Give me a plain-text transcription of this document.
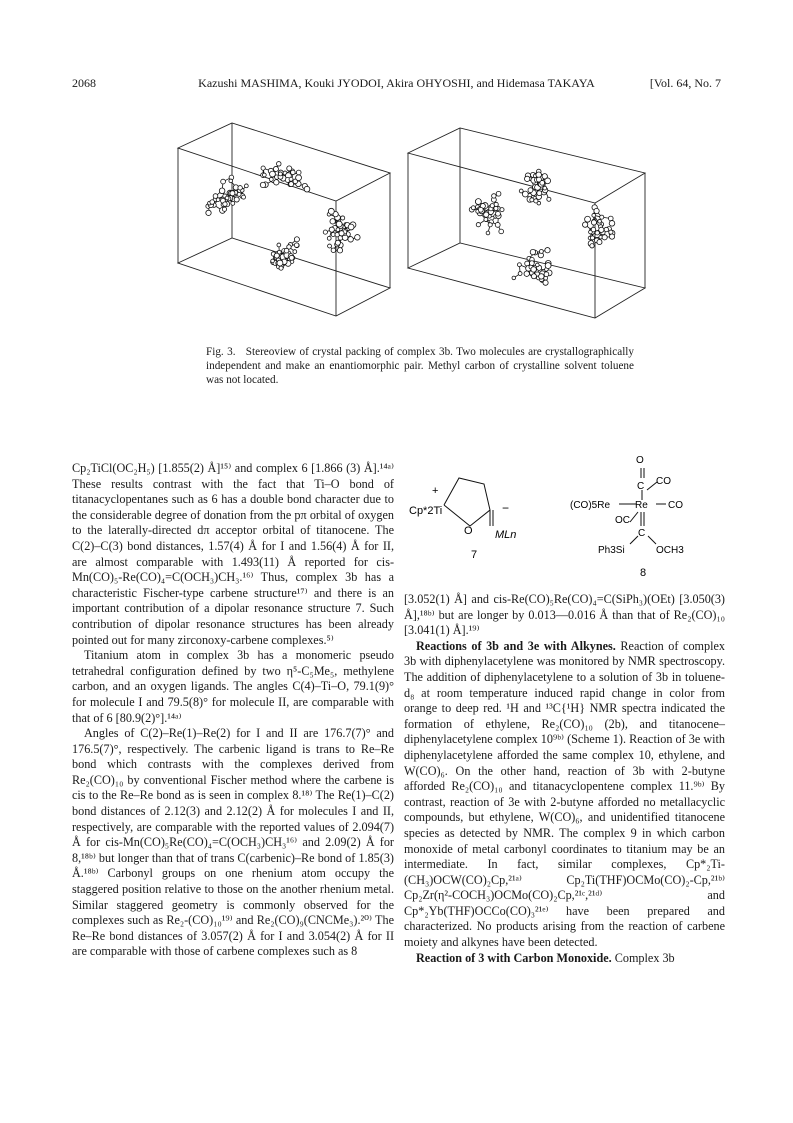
2068	Kazushi MASHIMA, Kouki JYODOI, Akira OHYOSHI, and Hidemasa TAKAYA	[Vol. 64, No. 7
Fig. 3. Stereoview of crystal packing of complex 3b. Two molecules are crystallographically independent and make an enantiomorphic pair. Methyl carbon of crystalline solvent toluene was not located.

Cp₂TiCl(OC₂H₅) [1.855(2) Å]¹⁵⁾ and complex 6 [1.866 (3) Å].¹⁴ᵃ⁾ These results contrast with the fact that Ti–O bond of titanacyclopentanes such as 6 has a double bond character due to the considerable degree of donation from the pπ orbital of oxygen to the laterally-directed dπ acceptor orbital of titanocene. The C(2)–C(3) bond distances, 1.57(4) Å for I and 1.56(4) Å for II, are almost comparable with 1.493(11) Å reported for cis-Mn(CO)₅-Re(CO)₄=C(OCH₃)CH₃.¹⁶⁾ Thus, complex 3b has a characteristic Fischer-type carbene structure¹⁷⁾ and there is an important contribution of a dipolar resonance structure 7. Such contribution of dipolar resonance structures has been already pointed out for many zirconoxy-carbene complexes.⁵⁾

Titanium atom in complex 3b has a monomeric pseudo tetrahedral configuration defined by two η⁵-C₅Me₅, methylene carbon, and an oxygen ligands. The angles C(4)–Ti–O, 79.1(9)° for molecule I and 79.5(8)° for molecule II, are comparable with that of 6 [80.9(2)°].¹⁴ᵃ⁾

Angles of C(2)–Re(1)–Re(2) for I and II are 176.7(7)° and 176.5(7)°, respectively. The carbenic ligand is trans to Re–Re bond which contrasts with the complexes derived from Re₂(CO)₁₀ by conventional Fischer method where the carbene is cis to the Re–Re bond as is seen in complex 8.¹⁸⁾ The Re(1)–C(2) bond distances of 2.12(3) and 2.12(2) Å for molecules I and II, respectively, are comparable with the reported values of 2.094(7) Å for cis-Mn(CO)₅Re(CO)₄=C(OCH₃)CH₃¹⁶⁾ and 2.09(2) Å for 8,¹⁸ᵇ⁾ but longer than that of trans C(carbenic)–Re bond of 1.85(3) Å.¹⁸ᵇ⁾ Carbonyl groups on one rhenium atom occupy the staggered position relative to those on the another rhenium metal. Similar staggered geometry is commonly observed for the complexes such as Re₂-(CO)₁₀¹⁹⁾ and Re₂(CO)₉(CNCMe₃).²⁰⁾ The Re–Re bond distances of 3.057(2) Å for I and 3.054(2) Å for II are comparable with those of carbene complexes such as 8

Cp*2Ti
+
O
−
MLn
7
O
C CO
(CO)5Re Re CO
OC
C
Ph3Si	OCH3
8

[3.052(1) Å] and cis-Re(CO)₅Re(CO)₄=C(SiPh₃)(OEt) [3.050(3) Å],¹⁸ᵇ⁾ but are longer by 0.013—0.016 Å than that of Re₂(CO)₁₀ [3.041(1) Å].¹⁹⁾

Reactions of 3b and 3e with Alkynes. Reaction of complex 3b with diphenylacetylene was monitored by NMR spectroscopy. The addition of diphenylacetylene to a solution of 3b in toluene-d₈ at room temperature induced rapid change in color from orange to deep red. ¹H and ¹³C{¹H} NMR spectra indicated the formation of ethylene, Re₂(CO)₁₀ (2b), and titanocene–diphenylacetylene complex 10⁹ᵇ⁾ (Scheme 1). Reaction of 3e with diphenylacetylene afforded the same complex 10, ethylene, and W(CO)₆. On the other hand, reaction of 3b with 2-butyne afforded Re₂(CO)₁₀ and titanacyclopentene complex 11.⁹ᵇ⁾ By contrast, reaction of 3e with 2-butyne afforded no metallacyclic compounds, but ethylene, W(CO)₆, and unidentified titanocene species as detected by NMR. The complex 9 in which carbon monoxide of metal carbonyl coordinates to titanium may be an intermediate. In fact, similar complexes, Cp*₂Ti-(CH₃)OCW(CO)₂Cp,²¹ᵃ⁾ Cp₂Ti(THF)OCMo(CO)₂-Cp,²¹ᵇ⁾ Cp₂Zr(η²-COCH₃)OCMo(CO)₂Cp,²¹ᶜ,²¹ᵈ⁾ and Cp*₂Yb(THF)OCCo(CO)₃²¹ᵉ⁾ have been prepared and characterized. No products arising from the reaction of carbene moiety and alkynes have been detected.

Reaction of 3 with Carbon Monoxide. Complex 3b
